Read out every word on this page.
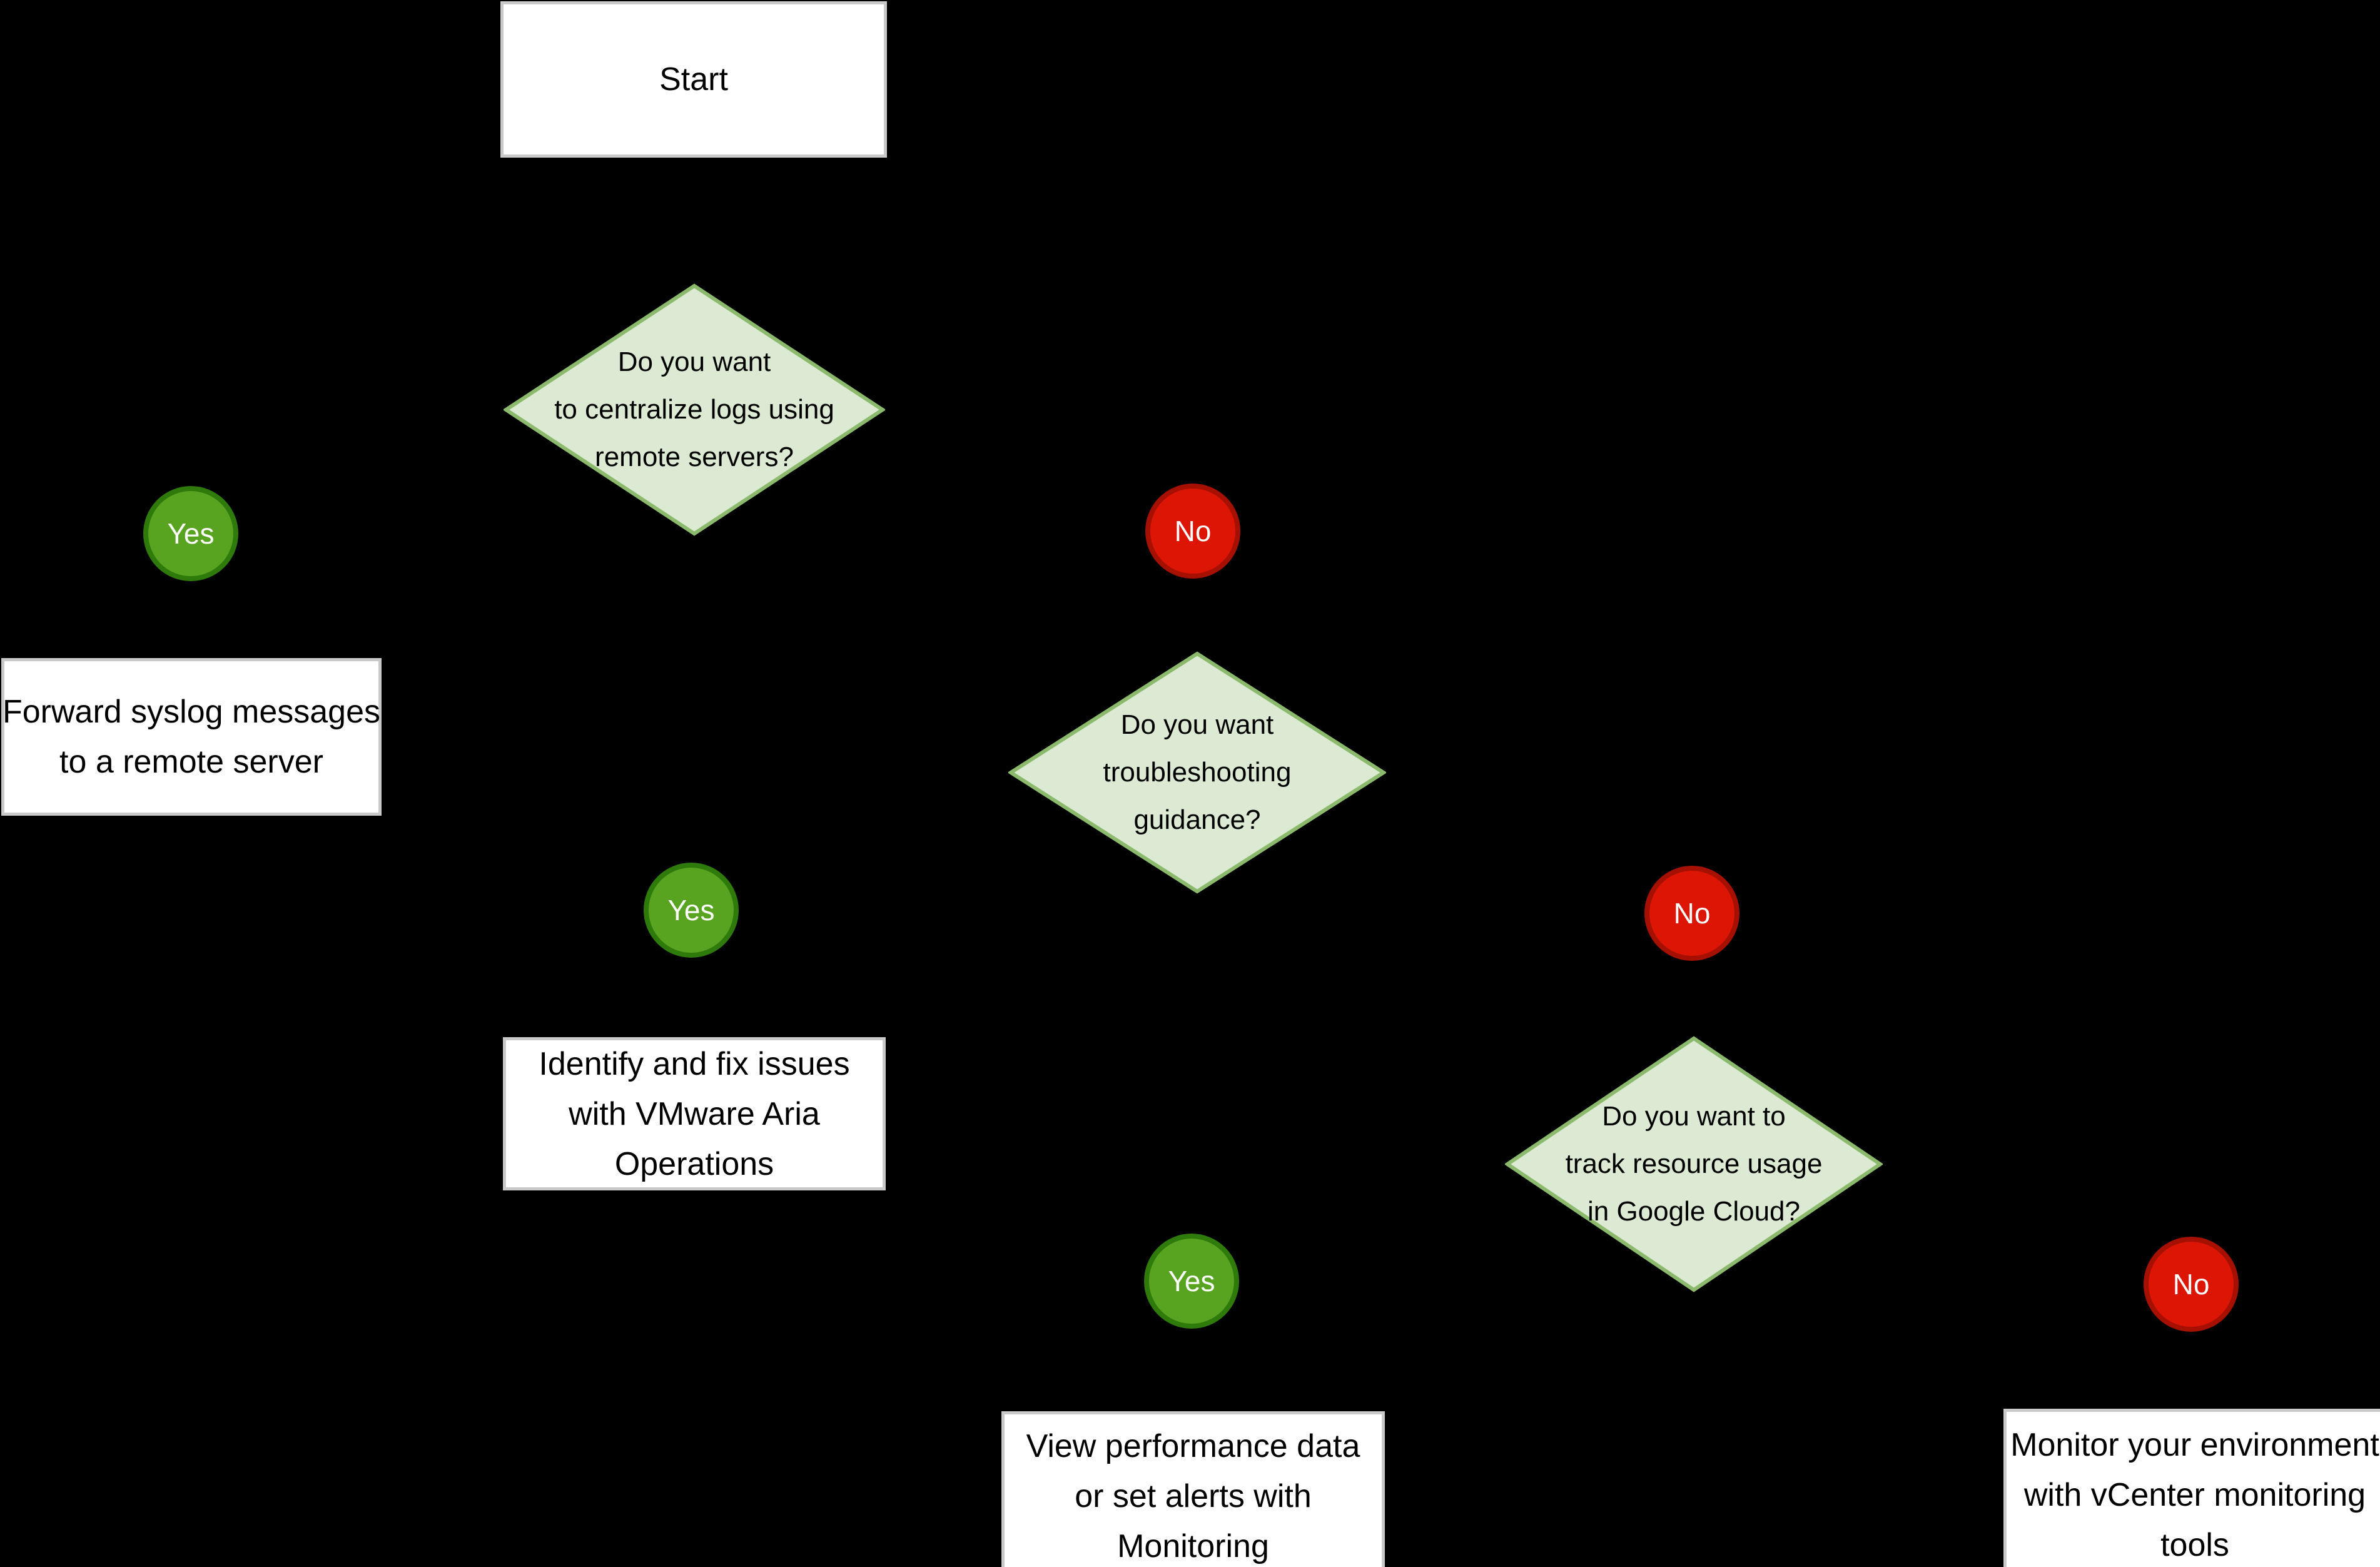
Start
Do you want
to centralize logs using
remote servers?
Yes	No
Forward syslog messages
to a remote server
Do you want
troubleshooting
guidance?
Yes	No
Identify and fix issues
with VMware Aria
Operations
Do you want to
track resource usage
in Google Cloud?
Yes	No
View performance data
or set alerts with
Monitoring
Monitor your environment
with vCenter monitoring
tools
